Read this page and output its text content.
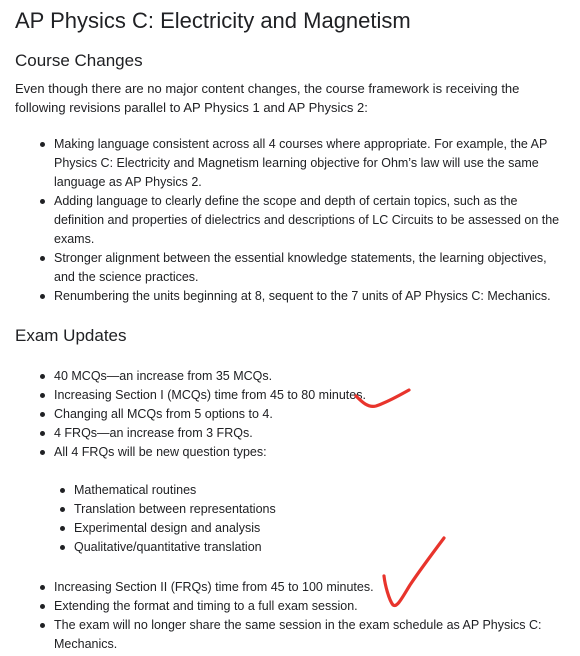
AP Physics C: Electricity and Magnetism
Course Changes

Even though there are no major content changes, the course framework is receiving the following revisions parallel to AP Physics 1 and AP Physics 2:

Making language consistent across all 4 courses where appropriate. For example, the AP Physics C: Electricity and Magnetism learning objective for Ohm’s law will use the same language as AP Physics 2.
Adding language to clearly define the scope and depth of certain topics, such as the definition and properties of dielectrics and descriptions of LC Circuits to be assessed on the exams.
Stronger alignment between the essential knowledge statements, the learning objectives, and the science practices.
Renumbering the units beginning at 8, sequent to the 7 units of AP Physics C: Mechanics.
Exam Updates
40 MCQs—an increase from 35 MCQs.
Increasing Section I (MCQs) time from 45 to 80 minutes.
Changing all MCQs from 5 options to 4.
4 FRQs—an increase from 3 FRQs.
All 4 FRQs will be new question types:
Mathematical routines
Translation between representations
Experimental design and analysis
Qualitative/quantitative translation
Increasing Section II (FRQs) time from 45 to 100 minutes.
Extending the format and timing to a full exam session.
The exam will no longer share the same session in the exam schedule as AP Physics C: Mechanics.
